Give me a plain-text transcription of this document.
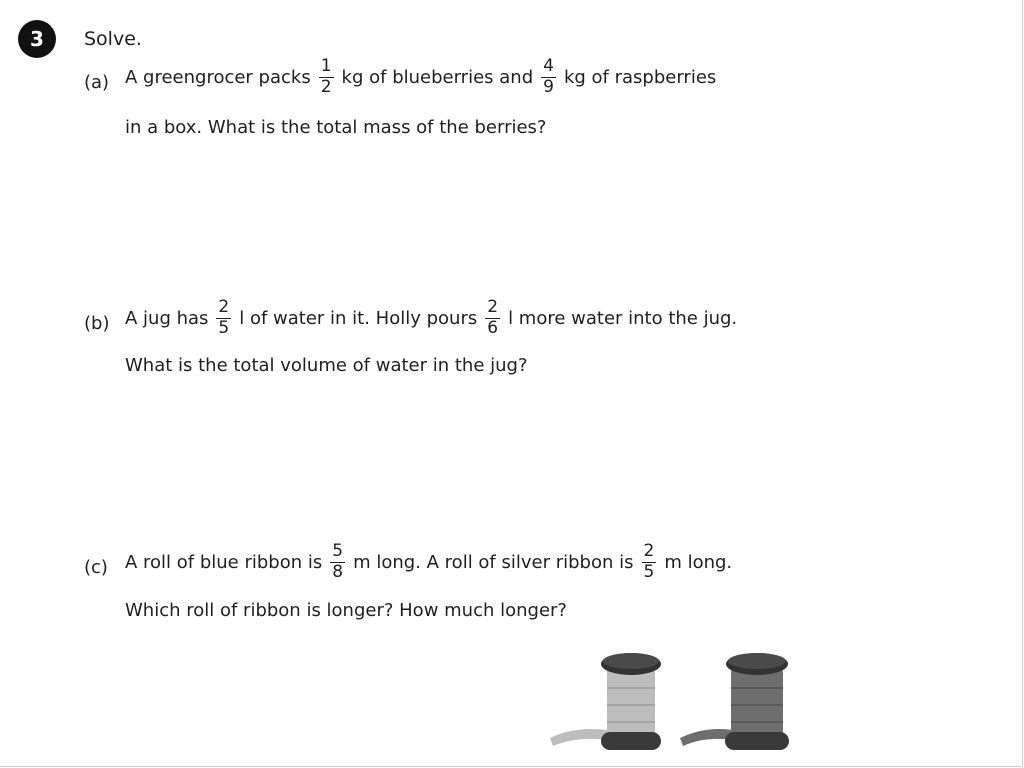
3	Solve.
(a) A greengrocer packs $\frac{1}{2}$ kg of blueberries and $\frac{4}{9}$ kg of raspberries
in a box. What is the total mass of the berries?
(b) A jug has $\frac{2}{5}$ l of water in it. Holly pours $\frac{2}{6}$ l more water into the jug.
What is the total volume of water in the jug?
(c) A roll of blue ribbon is $\frac{5}{8}$ m long. A roll of silver ribbon is $\frac{2}{5}$ m long.
Which roll of ribbon is longer? How much longer?
